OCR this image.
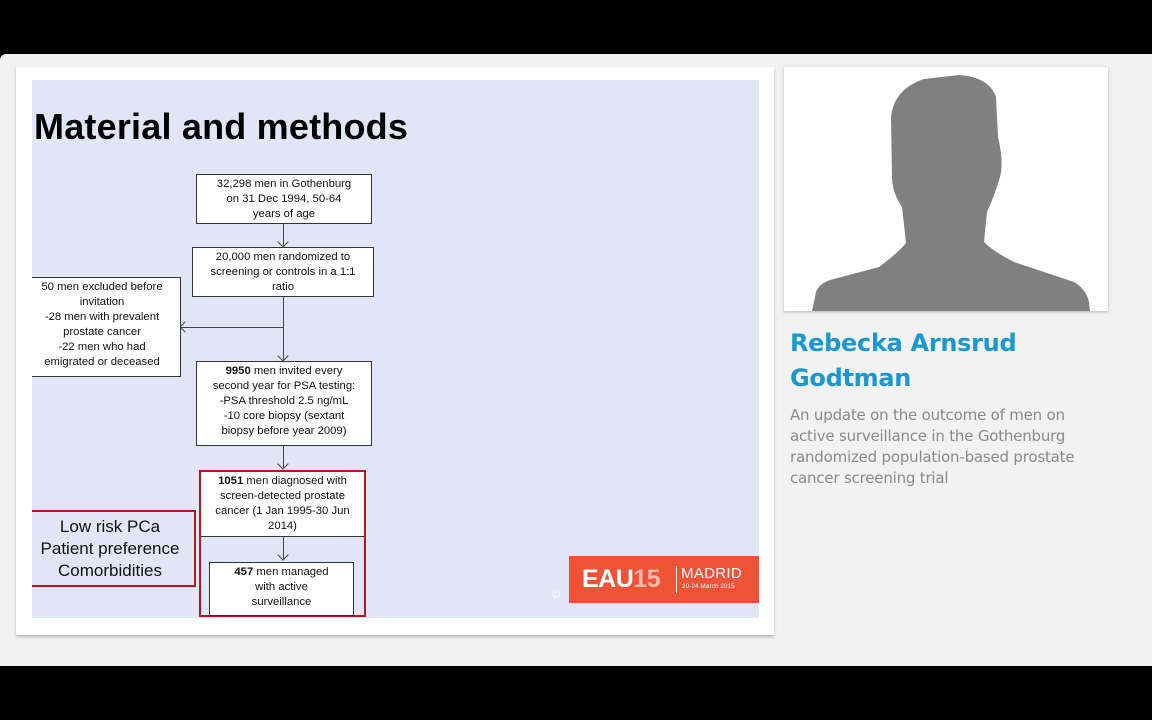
Material and methods
32,298 men in Gothenburg
on 31 Dec 1994, 50-64
years of age
20,000 men randomized to
screening or controls in a 1:1
ratio
50 men excluded before
invitation
-28 men with prevalent
prostate cancer
-22 men who had
emigrated or deceased
9950 men invited every
second year for PSA testing:
-PSA threshold 2.5 ng/mL
-10 core biopsy (sextant
biopsy before year 2009)
1051 men diagnosed with
screen-detected prostate
cancer (1 Jan 1995-30 Jun
2014)
457 men managed
with active
surveillance
Low risk PCa
Patient preference
Comorbidities
©
EAU15 MADRID
20-24 March 2015
Rebecka Arnsrud Godtman
An update on the outcome of men on active surveillance in the Gothenburg randomized population-based prostate cancer screening trial
